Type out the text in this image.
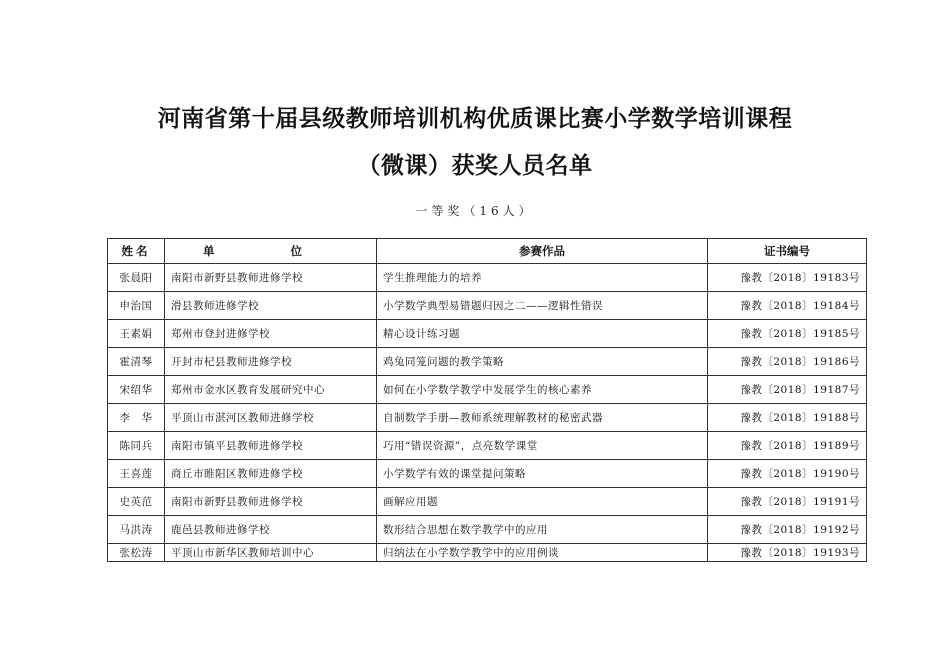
河南省第十届县级教师培训机构优质课比赛小学数学培训课程
（微课）获奖人员名单
一等奖（16人）
姓名	单 位	参赛作品	证书编号
张晨阳	南阳市新野县教师进修学校	学生推理能力的培养	豫教〔2018〕19183号
申治国	滑县教师进修学校	小学数学典型易错题归因之二——逻辑性错误	豫教〔2018〕19184号
王素娟	郑州市登封进修学校	精心设计练习题	豫教〔2018〕19185号
霍清琴	开封市杞县教师进修学校	鸡兔同笼问题的教学策略	豫教〔2018〕19186号
宋绍华	郑州市金水区教育发展研究中心	如何在小学数学教学中发展学生的核心素养	豫教〔2018〕19187号
李　华	平顶山市湛河区教师进修学校	自制数学手册—教师系统理解教材的秘密武器	豫教〔2018〕19188号
陈同兵	南阳市镇平县教师进修学校	巧用“错误资源”，点亮数学课堂	豫教〔2018〕19189号
王喜莲	商丘市睢阳区教师进修学校	小学数学有效的课堂提问策略	豫教〔2018〕19190号
史英范	南阳市新野县教师进修学校	画解应用题	豫教〔2018〕19191号
马洪涛	鹿邑县教师进修学校	数形结合思想在数学教学中的应用	豫教〔2018〕19192号
张松涛	平顶山市新华区教师培训中心	归纳法在小学数学教学中的应用例谈	豫教〔2018〕19193号
